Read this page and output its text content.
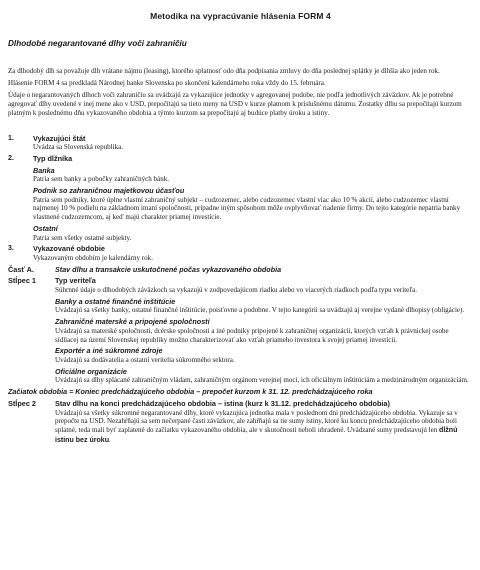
Metodika na vypracúvanie hlásenia FORM 4
Dlhodobé negarantované dlhy voči zahraničiu

Za dlhodobý dlh sa považuje dlh vrátane nájmu (leasing), ktorého splatnosť odo dňa podpisania zmluvy do dňa poslednej splátky je dlhšia ako jeden rok.

Hlásenie FORM 4 sa predkladá Národnej banke Slovenska po skončení kalendárneho roka vždy do 15. februára.

Údaje o negarantovaných dlhoch voči zahraničiu sa uvádzajú za vykazujúce jednotky v agregovanej podobe, nie podľa jednotlivých záväzkov. Ak je potrebné agregovať dlhy uvedené v inej mene ako v USD, prepočítajú sa tieto meny na USD v kurze platnom k príslušnému dátumu. Zostatky dlhu sa prepočítajú kurzom platným k poslednému dňu vykazovaného obdobia a týmto kurzom sa prepočítajú aj budúce platby úroku a istiny.

1.	Vykazujúci štát
Uvádza sa Slovenská republika.
2.	Typ dlžníka
Banka
Patria sem banky a pobočky zahraničných bánk.
Podnik so zahraničnou majetkovou účasťou
Patria sem podniky, ktoré úplne vlastní zahraničný subjekt – cudzozemec, alebo cudzozemec vlastní viac ako 10 % akcií, alebo cudzozemec vlastní najmenej 10 % podielu na základnom imaní spoločnosti, prípadne iným spôsobom môže ovplyvňovať riadenie firmy. Do tejto kategórie nepatria banky vlastnené cudzozemcom, aj keď majú charakter priamej investície.
Ostatní
Patria sem všetky ostatné subjekty.
3.	Vykazované obdobie
Vykazovaným obdobím je kalendárny rok.
Časť A.	Stav dlhu a transakcie uskutočnené počas vykazovaného obdobia
Stĺpec 1	Typ veriteľa
Súhrnné údaje o dlhodobých záväzkoch sa vykazujú v zodpovedajúcom riadku alebo vo viacerých riadkoch podľa typu veriteľa.
Banky a ostatné finančné inštitúcie
Uvádzajú sa všetky banky, ostatné finančné inštitúcie, poisťovne a podobne. V tejto kategórii sa uvádzajú aj verejne vydané dlhopisy (obligácie).
Zahraničné materské a pripojené spoločnosti
Uvádzajú sa materské spoločnosti, dcérske spoločnosti a iné podniky pripojené k zahraničnej organizácii, ktorých vzťah k právnickej osobe sídliacej na území Slovenskej republiky možno charakterizovať ako vzťah priameho investora k svojej priamej investícii.
Exportér a iné súkromné zdroje
Uvádzajú sa dodávatelia a ostatní veritelia súkromného sektora.
Oficiálne organizácie
Uvádzajú sa dlhy splácané zahraničným vládam, zahraničným orgánom verejnej moci, ich oficiálnym inštitúciám a medzinárodným organizáciám.
Začiatok obdobia = Koniec predchádzajúceho obdobia – prepočet kurzom k 31. 12. predchádzajúceho roka
Stĺpec 2	Stav dlhu na konci predchádzajúceho obdobia – istina (kurz k 31.12. predchádzajúceho obdobia)
Uvádzajú sa všetky súkromné negarantované dlhy, ktoré vykazujúca jednotka mala v poslednom dni predchádzajúceho obdobia. Vykazuje sa v prepočte na USD. Nezahŕňajú sa sem nečerpané časti záväzkov, ale zahŕňajú sa tie sumy istiny, ktoré ku koncu predchádzajúceho obdobia boli splatné, teda mali byť zaplatené do začiatku vykazovaného obdobia, ale v skutočnosti neboli uhradené. Uvádzané sumy predstavujú len dlžnú istinu bez úroku.
